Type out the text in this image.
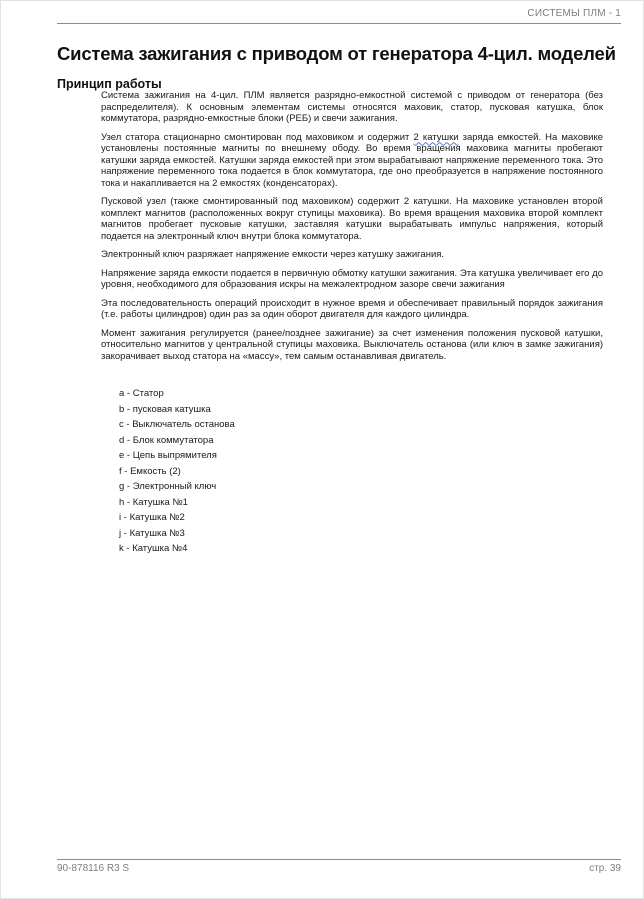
СИСТЕМЫ ПЛМ - 1
Система зажигания с приводом от генератора 4-цил. моделей
Принцип работы

Система зажигания на 4-цил. ПЛМ является разрядно-емкостной системой с приводом от генератора (без распределителя). К основным элементам системы относятся маховик, статор, пусковая катушка, блок коммутатора, разрядно-емкостные блоки (РЕБ) и свечи зажигания.

Узел статора стационарно смонтирован под маховиком и содержит 2 катушки заряда емкостей. На маховике установлены постоянные магниты по внешнему ободу. Во время вращения маховика магниты пробегают катушки заряда емкостей. Катушки заряда емкостей при этом вырабатывают напряжение переменного тока. Это напряжение переменного тока подается в блок коммутатора, где оно преобразуется в напряжение постоянного тока и накапливается на 2 емкостях (конденсаторах).

Пусковой узел (также смонтированный под маховиком) содержит 2 катушки. На маховике установлен второй комплект магнитов (расположенных вокруг ступицы маховика). Во время вращения маховика второй комплект магнитов пробегает пусковые катушки, заставляя катушки вырабатывать импульс напряжения, который подается на электронный ключ внутри блока коммутатора.

Электронный ключ разряжает напряжение емкости через катушку зажигания.

Напряжение заряда емкости подается в первичную обмотку катушки зажигания. Эта катушка увеличивает его до уровня, необходимого для образования искры на межэлектродном зазоре свечи зажигания

Эта последовательность операций происходит в нужное время и обеспечивает правильный порядок зажигания (т.е. работы цилиндров) один раз за один оборот двигателя для каждого цилиндра.

Момент зажигания регулируется (ранее/позднее зажигание) за счет изменения положения пусковой катушки, относительно магнитов у центральной ступицы маховика. Выключатель останова (или ключ в замке зажигания) закорачивает выход статора на «массу», тем самым останавливая двигатель.

a - Статор
b - пусковая катушка
c - Выключатель останова
d - Блок коммутатора
e - Цепь выпрямителя
f - Емкость (2)
g - Электронный ключ
h - Катушка №1
i - Катушка №2
j - Катушка №3
k - Катушка №4
90-878116 R3 S	стр. 39
